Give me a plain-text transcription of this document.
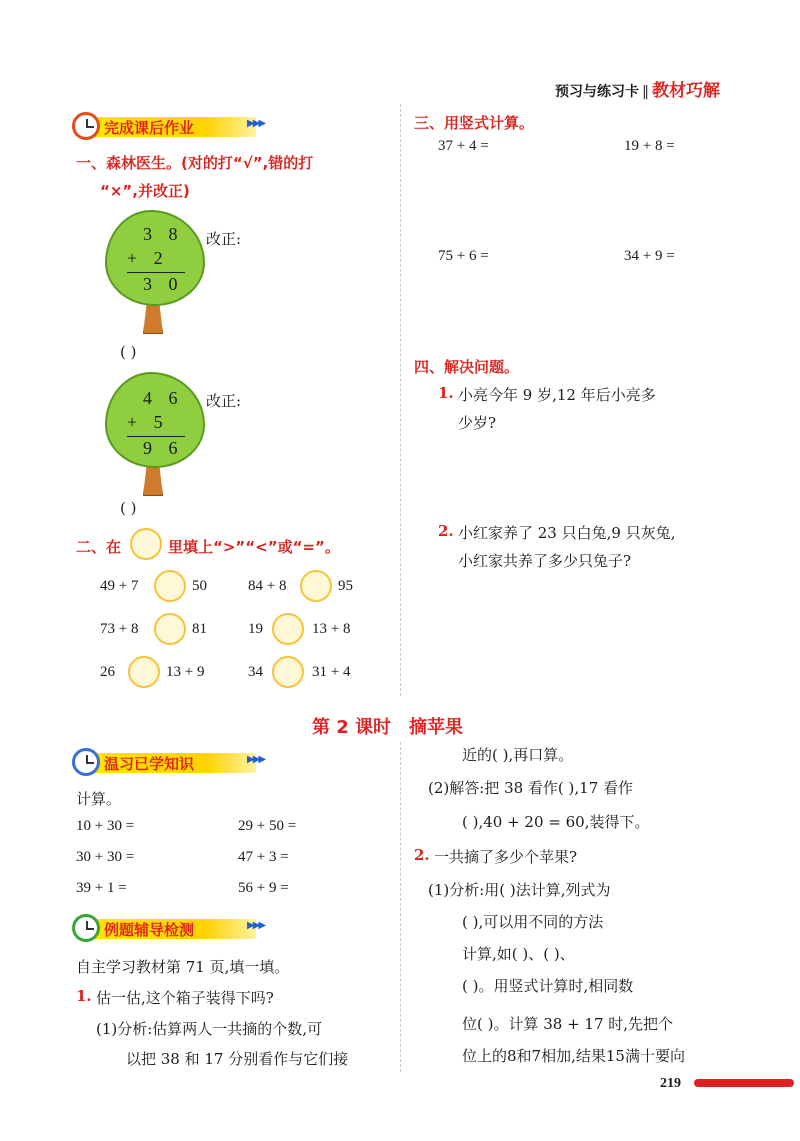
预习与练习卡 ‖ 教材巧解
完成课后作业	▶▶▶
一、森林医生。(对的打“√”,错的打
“×”,并改正)
3 8
+ 2
3 0
改正:
( )
4 6
+ 5
9 6
改正:
( )
二、在	里填上“>”“<”或“=”。
49 + 7	50	84 + 8	95
73 + 8	81	19	13 + 8
26	13 + 9	34	31 + 4
三、用竖式计算。
37 + 4 =	19 + 8 =
75 + 6 =	34 + 9 =
四、解决问题。
1. 小亮今年 9 岁,12 年后小亮多
少岁?
2. 小红家养了 23 只白兔,9 只灰兔,
小红家共养了多少只兔子?
第 2 课时　摘苹果
温习已学知识	▶▶▶
计算。
10 + 30 =	29 + 50 =
30 + 30 =	47 + 3 =
39 + 1 =	56 + 9 =
例题辅导检测	▶▶▶
自主学习教材第 71 页,填一填。
1. 估一估,这个箱子装得下吗?
(1)分析:估算两人一共摘的个数,可
以把 38 和 17 分别看作与它们接
近的( ),再口算。
(2)解答:把 38 看作( ),17 看作
( ),40 + 20 = 60,装得下。
2. 一共摘了多少个苹果?
(1)分析:用( )法计算,列式为
( ),可以用不同的方法
计算,如( )、( )、
( )。用竖式计算时,相同数
位( )。计算 38 + 17 时,先把个
位上的8和7相加,结果15满十要向
219
